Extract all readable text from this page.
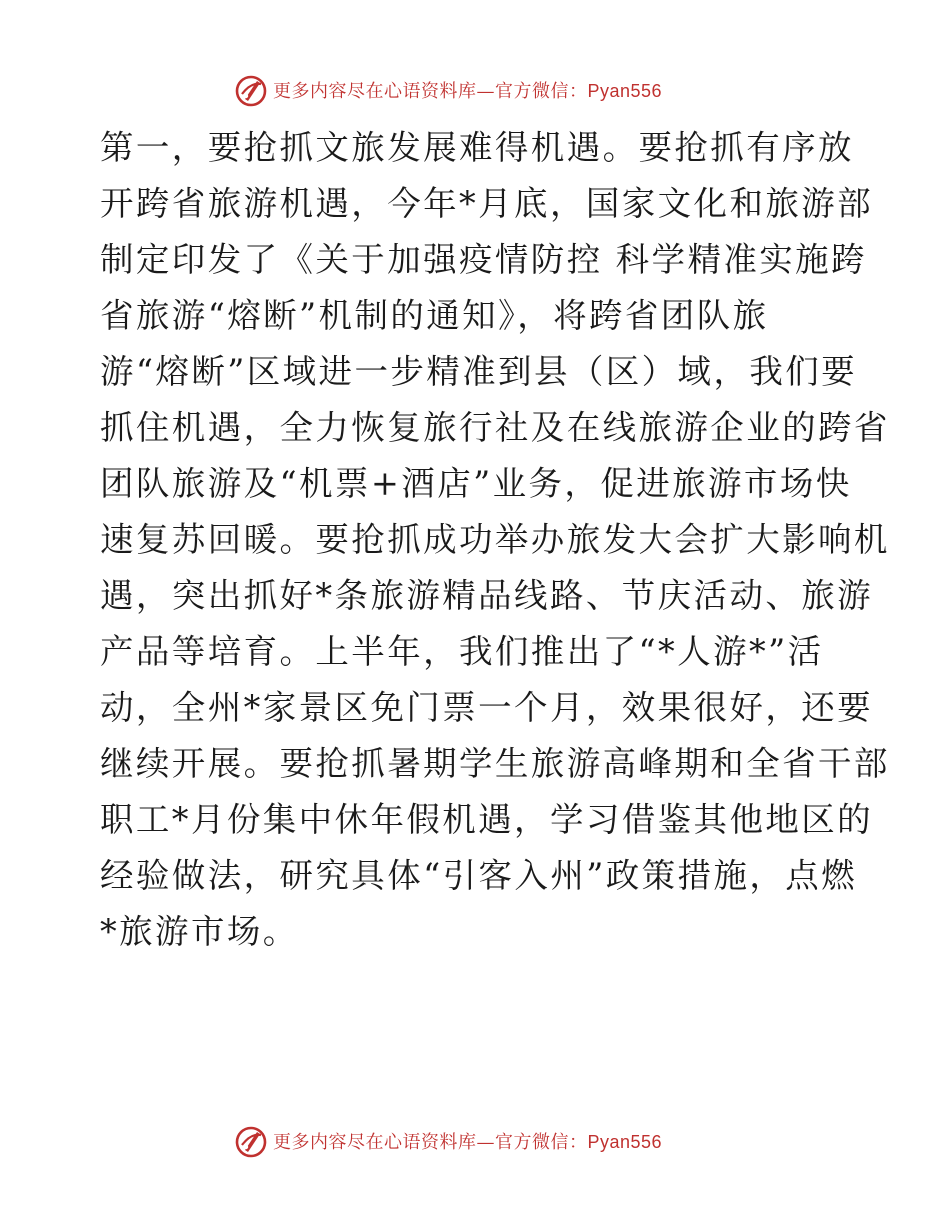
更多内容尽在心语资料库—官方微信：Pyan556
第一，要抢抓文旅发展难得机遇。要抢抓有序放
开跨省旅游机遇，今年*月底，国家文化和旅游部
制定印发了《关于加强疫情防控 科学精准实施跨
省旅游“熔断”机制的通知》，将跨省团队旅
游“熔断”区域进一步精准到县（区）域，我们要
抓住机遇，全力恢复旅行社及在线旅游企业的跨省
团队旅游及“机票+酒店”业务，促进旅游市场快
速复苏回暖。要抢抓成功举办旅发大会扩大影响机
遇，突出抓好*条旅游精品线路、节庆活动、旅游
产品等培育。上半年，我们推出了“*人游*”活
动，全州*家景区免门票一个月，效果很好，还要
继续开展。要抢抓暑期学生旅游高峰期和全省干部
职工*月份集中休年假机遇，学习借鉴其他地区的
经验做法，研究具体“引客入州”政策措施，点燃
*旅游市场。
更多内容尽在心语资料库—官方微信：Pyan556
